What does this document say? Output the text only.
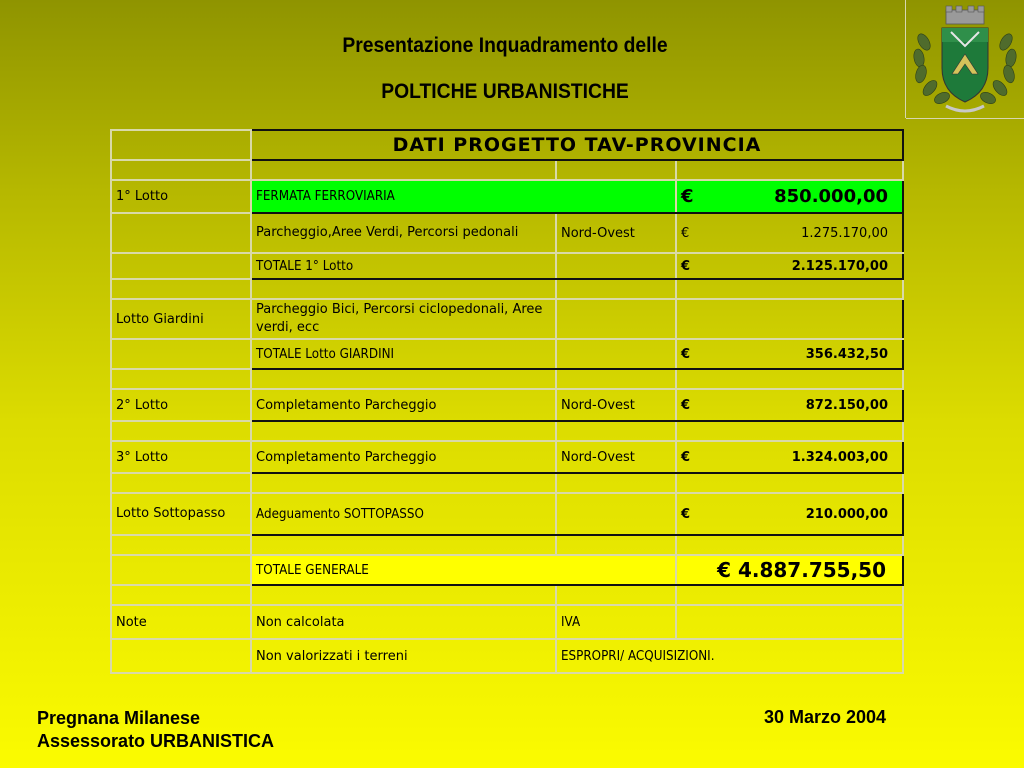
Presentazione Inquadramento delle
POLTICHE URBANISTICHE
	DATI PROGETTO TAV-PROVINCIA		

1° Lotto	FERMATA FERROVIARIA		€ 850.000,00

	Parcheggio,Aree Verdi, Percorsi pedonali	Nord-Ovest	€ 1.275.170,00

	TOTALE 1° Lotto		€ 2.125.170,00

Lotto Giardini	Parcheggio Bici, Percorsi ciclopedonali, Aree verdi, ecc		
	TOTALE Lotto GIARDINI		€ 356.432,50

2° Lotto	Completamento Parcheggio	Nord-Ovest	€ 872.150,00

3° Lotto	Completamento Parcheggio	Nord-Ovest	€ 1.324.003,00

Lotto Sottopasso	Adeguamento SOTTOPASSO		€ 210.000,00

	TOTALE GENERALE		€ 4.887.755,50

Note	Non calcolata	IVA	
	Non valorizzati i terreni	ESPROPRI/ ACQUISIZIONI.	
Pregnana Milanese
Assessorato URBANISTICA
30 Marzo 2004
